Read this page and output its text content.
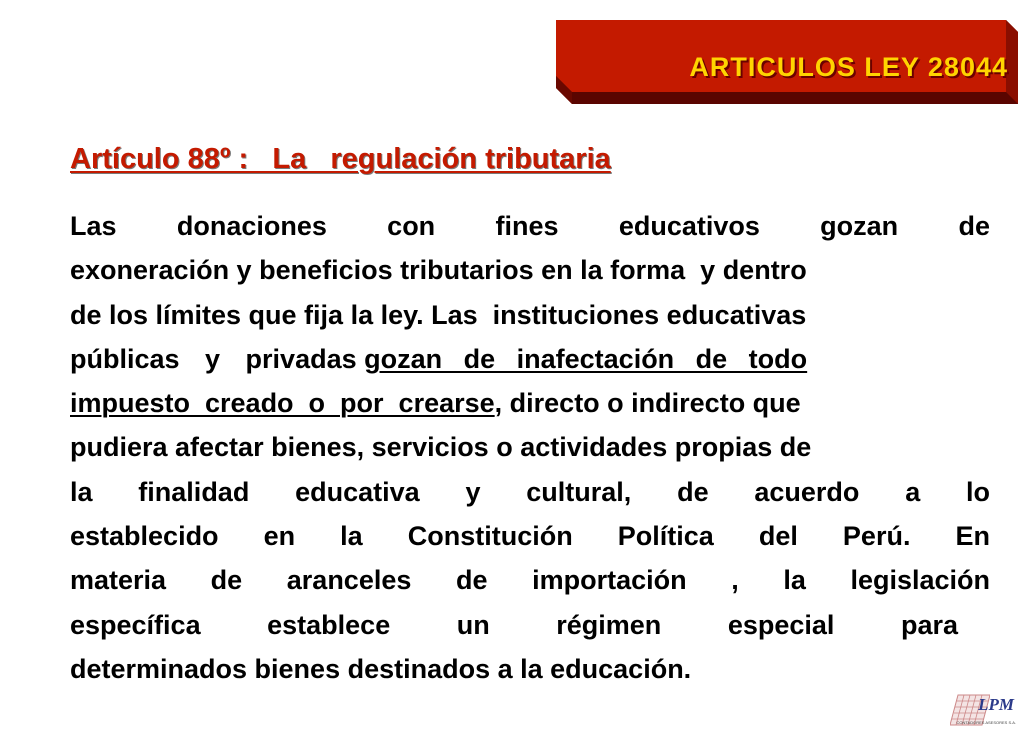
ARTICULOS LEY 28044
Artículo 88º :   La   regulación tributaria
Las donaciones con fines educativos gozan de
exoneración y beneficios tributarios en la forma  y dentro
de los límites que fija la ley. Las  instituciones educativas
públicas y privadas gozan de inafectación de todo
impuesto  creado  o  por  crearse, directo o indirecto que
pudiera afectar bienes, servicios o actividades propias de
la finalidad educativa y cultural, de acuerdo a lo
establecido en la Constitución Política del Perú. En
materia de aranceles de importación , la legislación
específica establece un régimen especial para
determinados bienes destinados a la educación.
LPM
CONTADORES ASESORES S.A.
